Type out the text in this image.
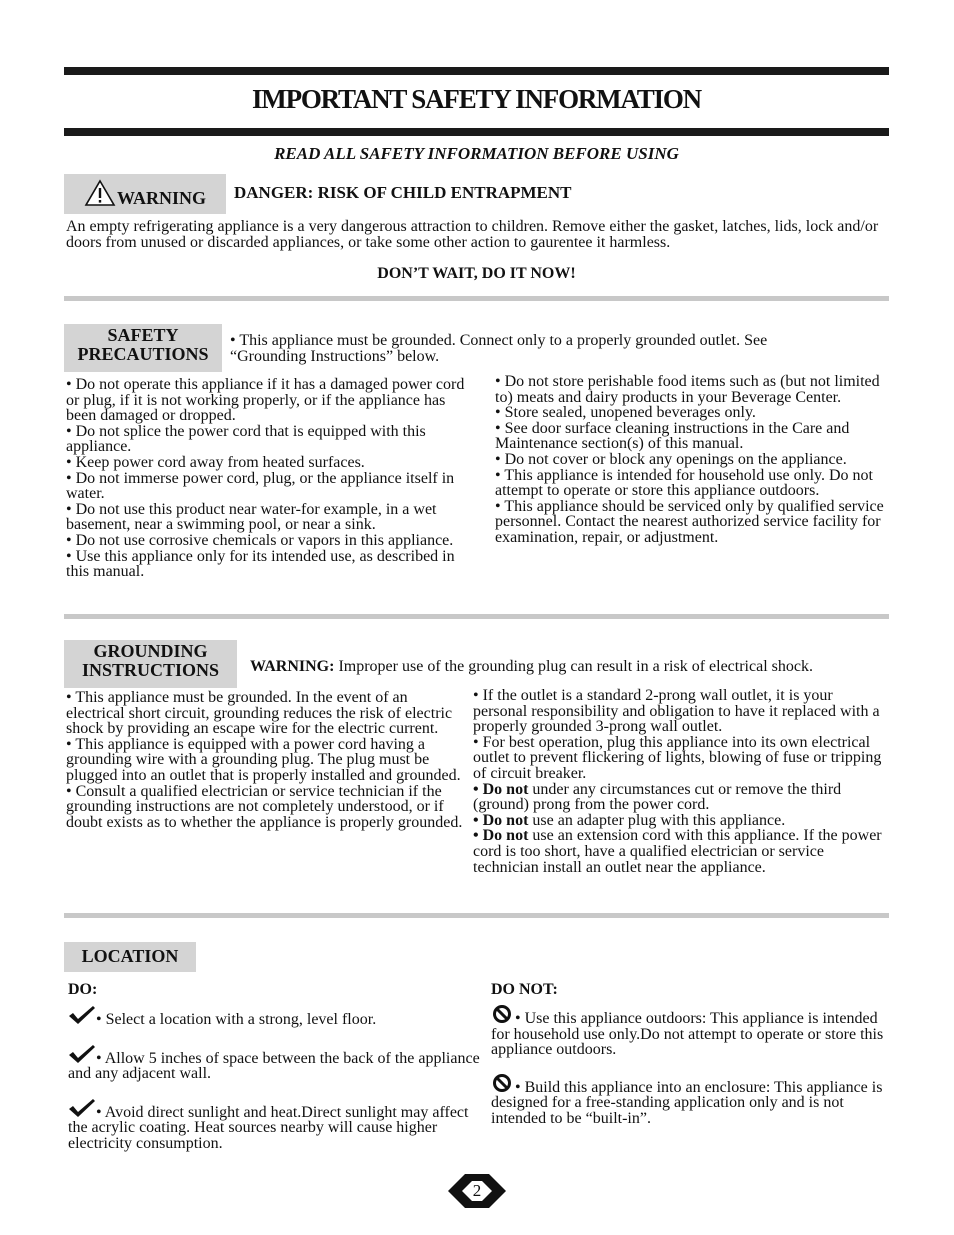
IMPORTANT SAFETY INFORMATION
READ ALL SAFETY INFORMATION BEFORE USING
WARNING DANGER: RISK OF CHILD ENTRAPMENT
An empty refrigerating appliance is a very dangerous attraction to children. Remove either the gasket, latches, lids, lock and/or doors from unused or discarded appliances, or take some other action to gaurentee it harmless.
DON’T WAIT, DO IT NOW!
SAFETY
PRECAUTIONS
• This appliance must be grounded. Connect only to a properly grounded outlet. See “Grounding Instructions” below.

• Do not operate this appliance if it has a damaged power cord or plug, if it is not working properly, or if the appliance has been damaged or dropped.

• Do not splice the power cord that is equipped with this appliance.

• Keep power cord away from heated surfaces.

• Do not immerse power cord, plug, or the appliance itself in water.

• Do not use this product near water-for example, in a wet basement, near a swimming pool, or near a sink.

• Do not use corrosive chemicals or vapors in this appliance.

• Use this appliance only for its intended use, as described in this manual.

• Do not store perishable food items such as (but not limited to) meats and dairy products in your Beverage Center.

• Store sealed, unopened beverages only.

• See door surface cleaning instructions in the Care and Maintenance section(s) of this manual.

• Do not cover or block any openings on the appliance.

• This appliance is intended for household use only. Do not attempt to operate or store this appliance outdoors.

• This appliance should be serviced only by qualified service personnel. Contact the nearest authorized service facility for examination, repair, or adjustment.

GROUNDING
INSTRUCTIONS	WARNING: Improper use of the grounding plug can result in a risk of electrical shock.

• This appliance must be grounded. In the event of an electrical short circuit, grounding reduces the risk of electric shock by providing an escape wire for the electric current.

• This appliance is equipped with a power cord having a grounding wire with a grounding plug. The plug must be plugged into an outlet that is properly installed and grounded.

• Consult a qualified electrician or service technician if the grounding instructions are not completely understood, or if doubt exists as to whether the appliance is properly grounded.

• If the outlet is a standard 2-prong wall outlet, it is your personal responsibility and obligation to have it replaced with a properly grounded 3-prong wall outlet.

• For best operation, plug this appliance into its own electrical outlet to prevent flickering of lights, blowing of fuse or tripping of circuit breaker.

• Do not under any circumstances cut or remove the third (ground) prong from the power cord.

• Do not use an adapter plug with this appliance.

• Do not use an extension cord with this appliance. If the power cord is too short, have a qualified electrician or service technician install an outlet near the appliance.

LOCATION
DO:

• Select a location with a strong, level floor.

• Allow 5 inches of space between the back of the appliance and any adjacent wall.

• Avoid direct sunlight and heat.Direct sunlight may affect the acrylic coating. Heat sources nearby will cause higher electricity consumption.

DO NOT:

• Use this appliance outdoors: This appliance is intended for household use only.Do not attempt to operate or store this appliance outdoors.

• Build this appliance into an enclosure: This appliance is designed for a free-standing application only and is not intended to be “built-in”.

2
